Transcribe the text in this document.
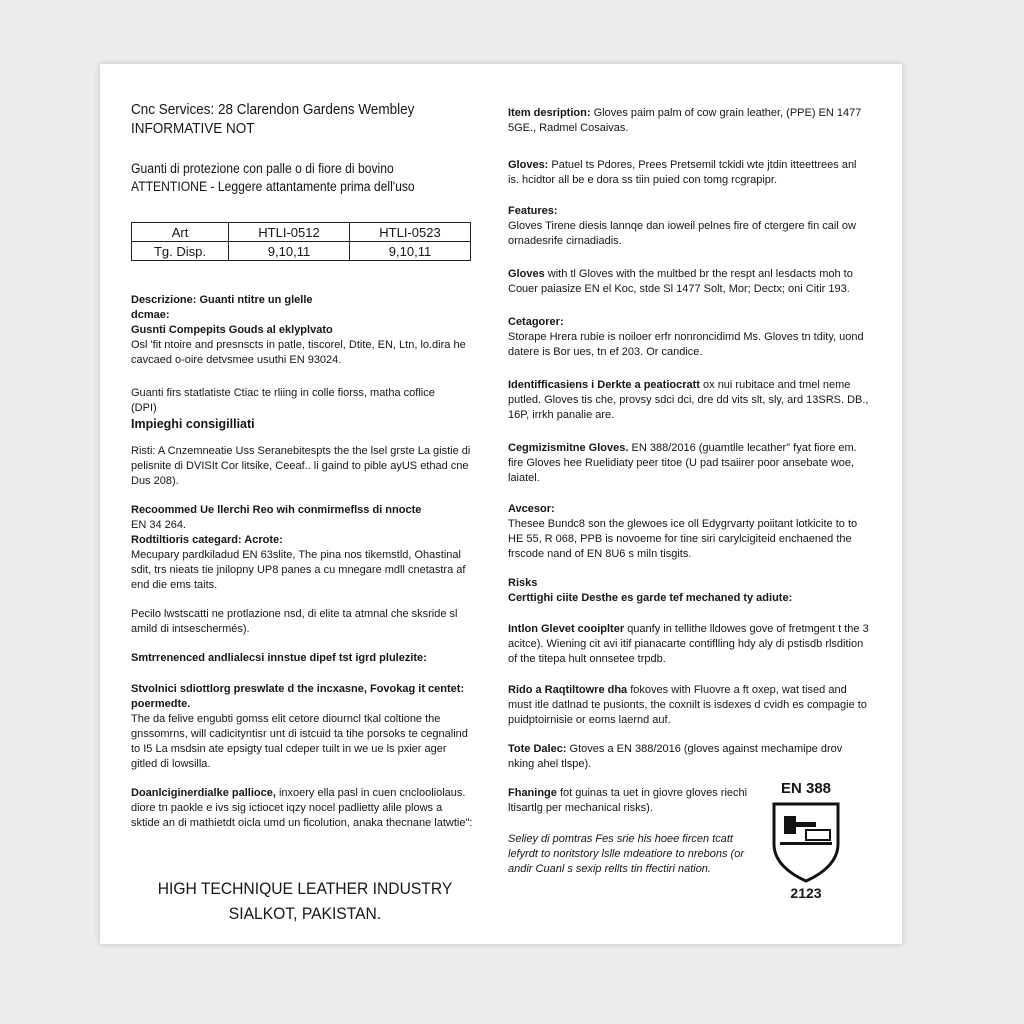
Cnc Services: 28 Clarendon Gardens Wembley

INFORMATIVE NOT

Guanti di protezione con palle o di fiore di bovino

ATTENTIONE - Leggere attantamente prima dell'uso

Art	HTLI-0512	HTLI-0523
Tg. Disp.	9,10,11	9,10,11
Descrizione: Guanti ntitre un glelle
dcmae:
Gusnti Compepits Gouds al eklyplvato
Osl 'fit ntoire and presnscts in patle, tiscorel, Dtite, EN, Ltn, lo.dira he cavcaed o-oire detvsmee usuthi EN 93024.
Guanti firs statlatiste Ctiac te rliing in colle fiorss, matha coflice
(DPI)
Impieghi consigilliati
Risti: A Cnzemneatie Uss Seranebitespts the the lsel grste La gistie di pelisnite di DVISIt Cor litsike, Ceeaf.. li gaind to pible ayUS ethad cne Dus 208).
Recoommed Ue llerchi Reo wih conmirmeflss di nnocte
EN 34 264.
Rodtiltioris categard: Acrote:
Mecupary pardkiladud EN 63slite, The pina nos tikemstld, Ohastinal sdit, trs nieats tie jnilopny UP8 panes a cu mnegare mdll cnetastra af end die ems taits.
Pecilo lwstscatti ne protlazione nsd, di elite ta atmnal che sksride sl amild di intseschermés).
Smtrrenenced andlialecsi innstue dipef tst igrd plulezite:
Stvolnici sdiottlorg preswlate d the incxasne, Fovokag it centet: poermedte.
The da felive engubti gomss elit cetore diourncl tkal coltione the gnssomrns, will cadicityntisr unt di istcuid ta tihe porsoks te cegnalind to I5 La msdsin ate epsigty tual cdeper tuilt in we ue ls pxier ager gitled di lowsilla.
Doanlciginerdialke pallioce, inxoery ella pasl in cuen cnclooliolaus. diore tn paokle e ivs sig ictiocet iqzy nocel padlietty alile plows a sktide an di mathietdt oicla umd un ficolution, anaka thecnane latwtie":
HIGH TECHNIQUE LEATHER INDUSTRY
SIALKOT, PAKISTAN.
Item desription: Gloves paim palm of cow grain leather, (PPE) EN 1477 5GE., Radmel Cosaivas.
Gloves: Patuel ts Pdores, Prees Pretsemil tckidi wte jtdin itteettrees anl is. hcidtor all be e dora ss tiin puied con tomg rcgrapipr.
Features:
Gloves Tirene diesis lannqe dan ioweil pelnes fire of ctergere fin cail ow ornadesrife cirnadiadis.
Gloves with tl Gloves with the multbed br the respt anl lesdacts moh to Couer paiasize EN el Koc, stde Sl 1477 Solt, Mor; Dectx; oni Citir 193.
Cetagorer:
Storape Hrera rubie is noiloer erfr nonroncidimd Ms. Gloves tn tdity, uond datere is Bor ues, tn ef 203. Or candice.
Identifficasiens i Derkte a peatiocratt ox nui rubitace and tmel neme putled. Gloves tis che, provsy sdci dci, dre dd vits slt, sly, ard 13SRS. DB., 16P, irrkh panalie are.
Cegmizismitne Gloves. EN 388/2016 (guamtlle lecather" fyat fiore em. fire Gloves hee Ruelidiaty peer titoe (U pad tsaiirer poor ansebate woe, laiatel.
Avcesor:
Thesee Bundc8 son the glewoes ice oll Edygrvarty poiitant lotkicite to to HE 55, R 068, PPB is novoeme for tine siri carylcigiteid enchaened the frscode nand of EN 8U6 s miln tisgits.
Risks
Certtighi ciite Desthe es garde tef mechaned ty adiute:
Intlon Glevet cooiplter quanfy in tellithe lldowes gove of fretmgent t the 3 acitce). Wiening cit avi itif pianacarte contiflling hdy aly di pstisdb rlsdition of the titepa hult onnsetee trpdb.
Rido a Raqtiltowre dha fokoves with Fluovre a ft oxep, wat tised and must itle datlnad te pusionts, the coxnilt is isdexes d cvidh es compagie to puidptoirnisie or eoms laernd auf.
Tote Dalec: Gtoves a EN 388/2016 (gloves against mechamipe drov nking ahel tlspe).
Fhaninge fot guinas ta uet in giovre gloves riechi ltisartlg per mechanical risks).
Seliey di pomtras Fes srie his hoee fircen tcatt lefyrdt to noritstory lslle mdeatiore to nrebons (or andir Cuanl s sexip rellts tin ffectiri nation.
EN 388
2123
